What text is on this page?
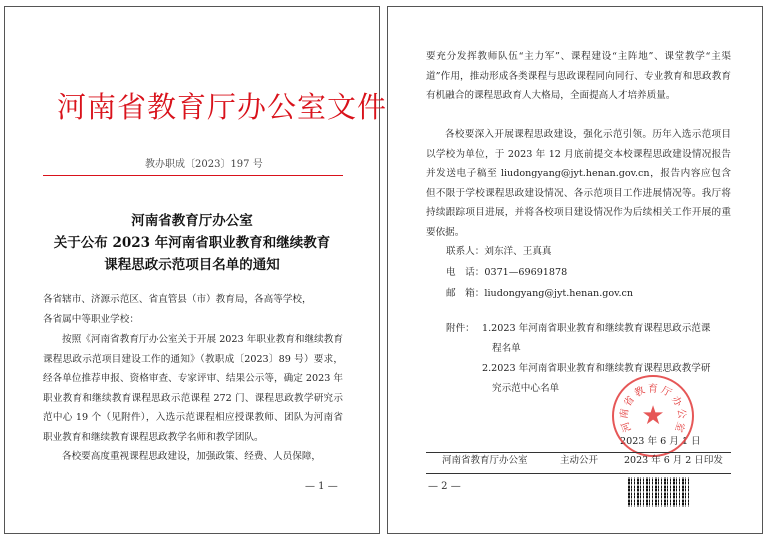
河南省教育厅办公室文件
教办职成〔2023〕197 号
河南省教育厅办公室
关于公布 2023 年河南省职业教育和继续教育
课程思政示范项目名单的通知
各省辖市、济源示范区、省直管县（市）教育局，各高等学校，
各省属中等职业学校：
按照《河南省教育厅办公室关于开展 2023 年职业教育和继续教育课程思政示范项目建设工作的通知》（教职成〔2023〕89 号）要求，经各单位推荐申报、资格审查、专家评审、结果公示等，确定 2023 年职业教育和继续教育课程思政示范课程 272 门、课程思政教学研究示范中心 19 个（见附件），入选示范课程相应授课教师、团队为河南省职业教育和继续教育课程思政教学名师和教学团队。
各校要高度重视课程思政建设，加强政策、经费、人员保障，
— 1 —
要充分发挥教师队伍“主力军”、课程建设“主阵地”、课堂教学“主渠道”作用，推动形成各类课程与思政课程同向同行、专业教育和思政教育有机融合的课程思政育人大格局，全面提高人才培养质量。
各校要深入开展课程思政建设，强化示范引领。历年入选示范项目以学校为单位，于 2023 年 12 月底前提交本校课程思政建设情况报告并发送电子稿至 liudongyang@jyt.henan.gov.cn，报告内容应包含但不限于学校课程思政建设情况、各示范项目工作进展情况等。我厅将持续跟踪项目进展，并将各校项目建设情况作为后续相关工作开展的重要依据。
联系人：刘东洋、王真真
电　话：0371—69691878
邮　箱：liudongyang@jyt.henan.gov.cn
附件： 1.2023 年河南省职业教育和继续教育课程思政示范课
程名单
2.2023 年河南省职业教育和继续教育课程思政教学研
究示范中心名单
2023 年 6 月 1 日
★
河
南
省
教 育 厅
办
公
室
河南省教育厅办公室	主动公开	2023 年 6 月 2 日印发
— 2 —
